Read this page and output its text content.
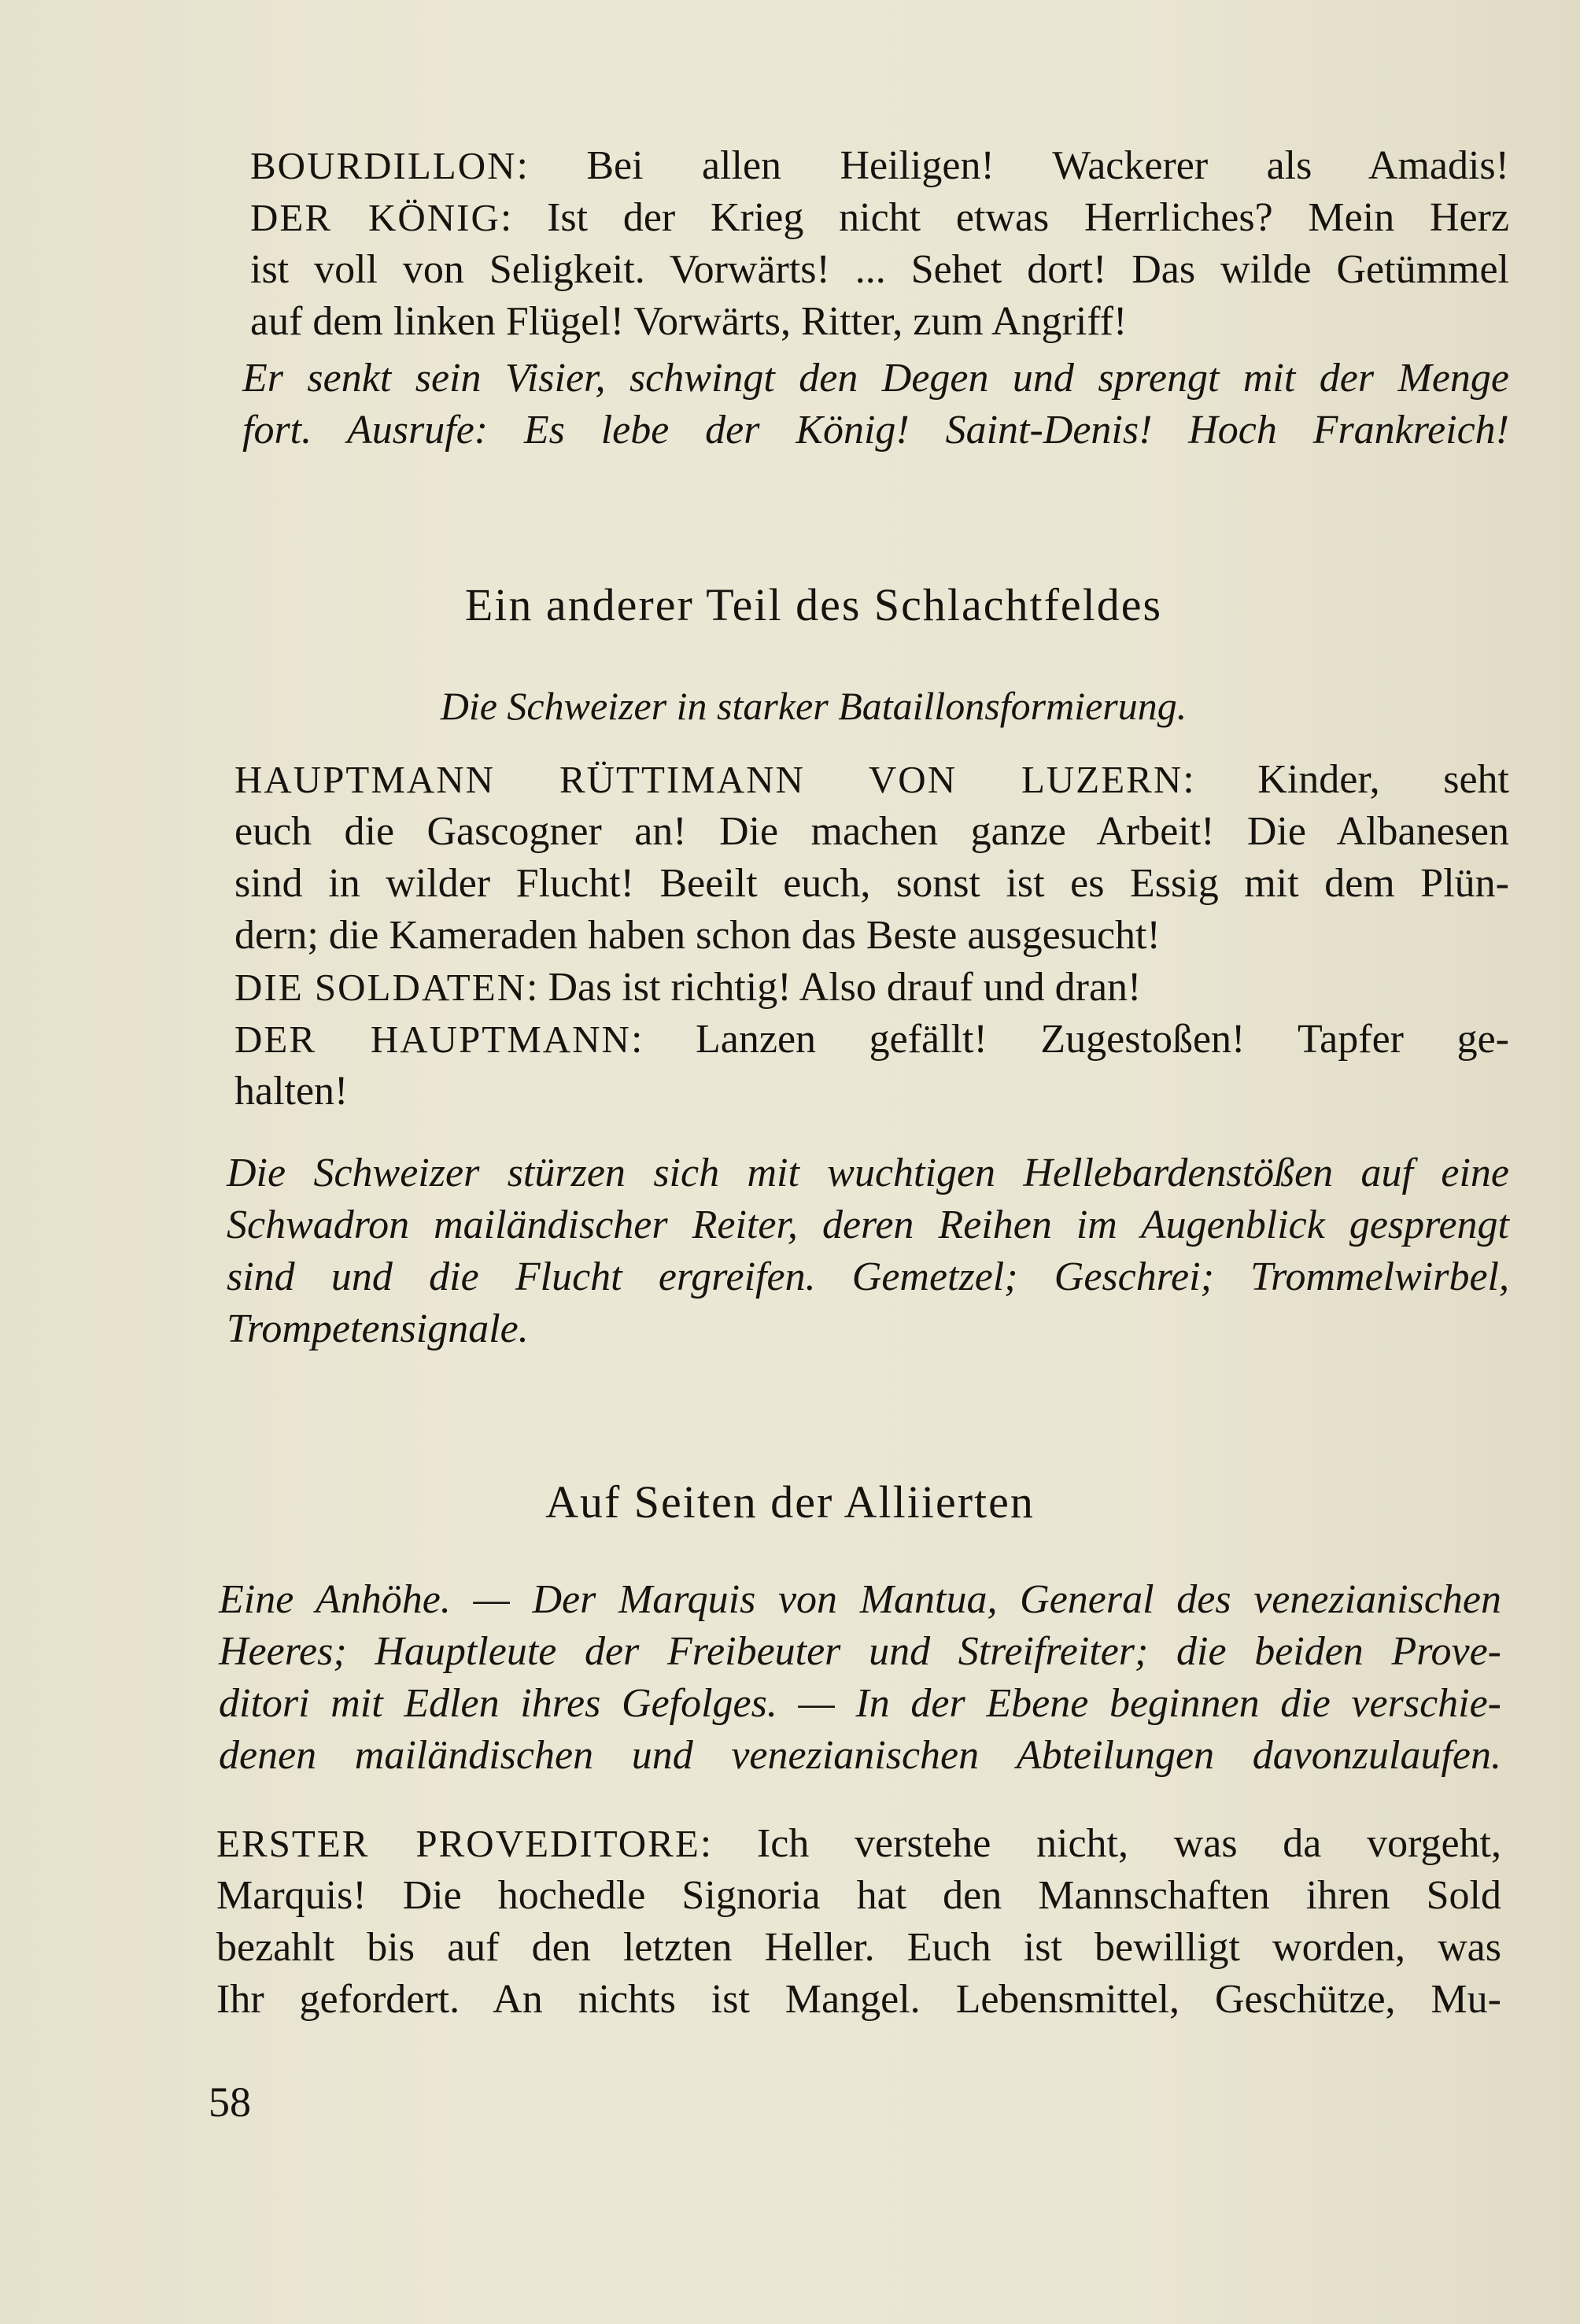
BOURDILLON: Bei allen Heiligen! Wackerer als Amadis!
DER KÖNIG: Ist der Krieg nicht etwas Herrliches? Mein Herz
ist voll von Seligkeit. Vorwärts! ... Sehet dort! Das wilde Getümmel
auf dem linken Flügel! Vorwärts, Ritter, zum Angriff!
Er senkt sein Visier, schwingt den Degen und sprengt mit der Menge
fort. Ausrufe: Es lebe der König! Saint-Denis! Hoch Frankreich!
Ein anderer Teil des Schlachtfeldes
Die Schweizer in starker Bataillonsformierung.
HAUPTMANN RÜTTIMANN VON LUZERN: Kinder, seht
euch die Gascogner an! Die machen ganze Arbeit! Die Albanesen
sind in wilder Flucht! Beeilt euch, sonst ist es Essig mit dem Plün-
dern; die Kameraden haben schon das Beste ausgesucht!
DIE SOLDATEN: Das ist richtig! Also drauf und dran!
DER HAUPTMANN: Lanzen gefällt! Zugestoßen! Tapfer ge-
halten!
Die Schweizer stürzen sich mit wuchtigen Hellebardenstößen auf eine
Schwadron mailändischer Reiter, deren Reihen im Augenblick gesprengt
sind und die Flucht ergreifen. Gemetzel; Geschrei; Trommelwirbel,
Trompetensignale.
Auf Seiten der Alliierten
Eine Anhöhe. — Der Marquis von Mantua, General des venezianischen
Heeres; Hauptleute der Freibeuter und Streifreiter; die beiden Prove-
ditori mit Edlen ihres Gefolges. — In der Ebene beginnen die verschie-
denen mailändischen und venezianischen Abteilungen davonzulaufen.
ERSTER PROVEDITORE: Ich verstehe nicht, was da vorgeht,
Marquis! Die hochedle Signoria hat den Mannschaften ihren Sold
bezahlt bis auf den letzten Heller. Euch ist bewilligt worden, was
Ihr gefordert. An nichts ist Mangel. Lebensmittel, Geschütze, Mu-
58
